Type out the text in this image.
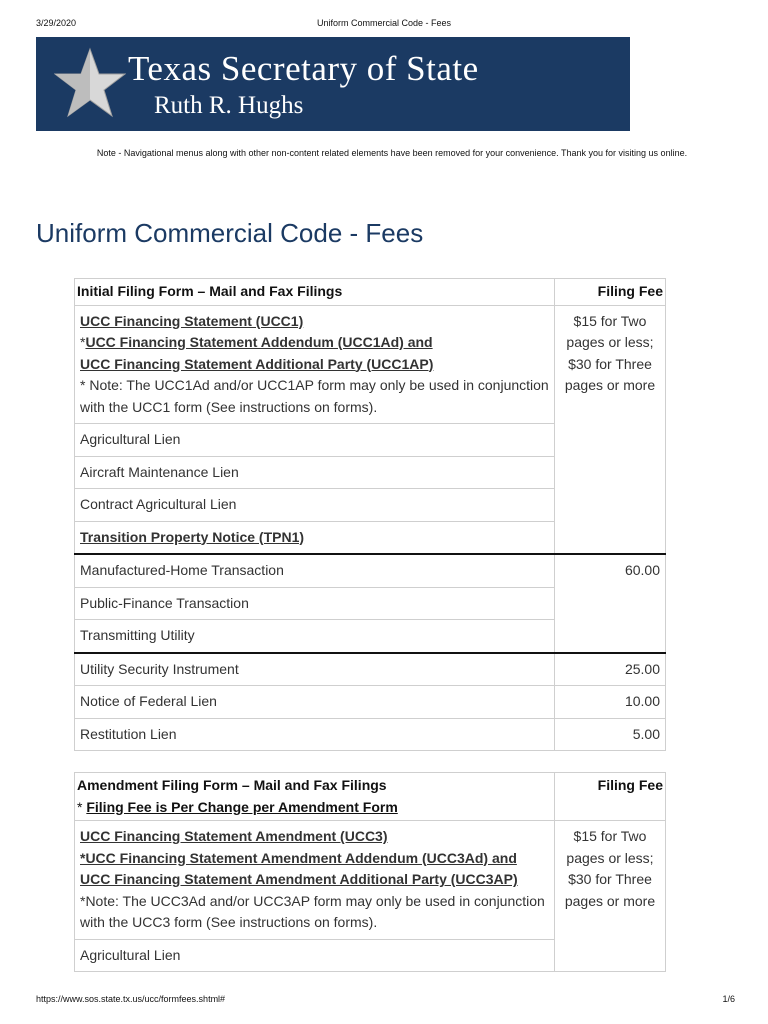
3/29/2020	Uniform Commercial Code - Fees
Texas Secretary of State
Ruth R. Hughs
Note - Navigational menus along with other non-content related elements have been removed for your convenience. Thank you for visiting us online.
Uniform Commercial Code - Fees
Initial Filing Form – Mail and Fax Filings	Filing Fee
UCC Financing Statement (UCC1)
*UCC Financing Statement Addendum (UCC1Ad) and
UCC Financing Statement Additional Party (UCC1AP)
* Note: The UCC1Ad and/or UCC1AP form may only be used in conjunction with the UCC1 form (See instructions on forms).	$15 for Two pages or less; $30 for Three pages or more
Agricultural Lien	
Aircraft Maintenance Lien	
Contract Agricultural Lien	
Transition Property Notice (TPN1)	
Manufactured-Home Transaction	60.00
Public-Finance Transaction	
Transmitting Utility	
Utility Security Instrument	25.00
Notice of Federal Lien	10.00
Restitution Lien	5.00
Amendment Filing Form – Mail and Fax Filings
* Filing Fee is Per Change per Amendment Form	Filing Fee
UCC Financing Statement Amendment (UCC3)
*UCC Financing Statement Amendment Addendum (UCC3Ad) and UCC Financing Statement Amendment Additional Party (UCC3AP)
*Note: The UCC3Ad and/or UCC3AP form may only be used in conjunction with the UCC3 form (See instructions on forms).	$15 for Two pages or less; $30 for Three pages or more
Agricultural Lien	
https://www.sos.state.tx.us/ucc/formfees.shtml#	1/6
